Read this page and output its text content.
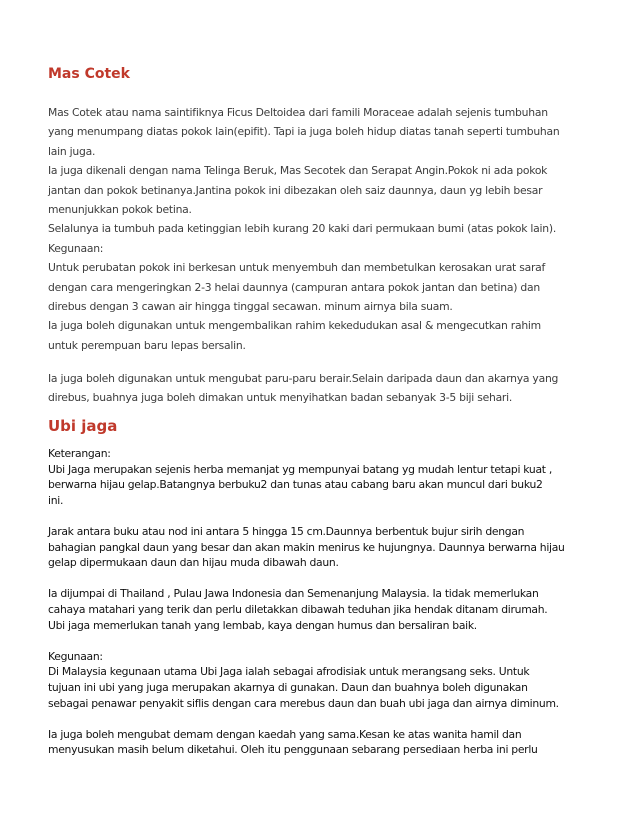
Mas Cotek
Mas Cotek atau nama saintifiknya Ficus Deltoidea dari famili Moraceae adalah sejenis tumbuhan
yang menumpang diatas pokok lain(epifit). Tapi ia juga boleh hidup diatas tanah seperti tumbuhan
lain juga.
Ia juga dikenali dengan nama Telinga Beruk, Mas Secotek dan Serapat Angin.Pokok ni ada pokok
jantan dan pokok betinanya.Jantina pokok ini dibezakan oleh saiz daunnya, daun yg lebih besar
menunjukkan pokok betina.
Selalunya ia tumbuh pada ketinggian lebih kurang 20 kaki dari permukaan bumi (atas pokok lain).
Kegunaan:
Untuk perubatan pokok ini berkesan untuk menyembuh dan membetulkan kerosakan urat saraf
dengan cara mengeringkan 2-3 helai daunnya (campuran antara pokok jantan dan betina) dan
direbus dengan 3 cawan air hingga tinggal secawan. minum airnya bila suam.
Ia juga boleh digunakan untuk mengembalikan rahim kekedudukan asal & mengecutkan rahim
untuk perempuan baru lepas bersalin.
Ia juga boleh digunakan untuk mengubat paru-paru berair.Selain daripada daun dan akarnya yang
direbus, buahnya juga boleh dimakan untuk menyihatkan badan sebanyak 3-5 biji sehari.
Ubi jaga
Keterangan:
Ubi Jaga merupakan sejenis herba memanjat yg mempunyai batang yg mudah lentur tetapi kuat ,
berwarna hijau gelap.Batangnya berbuku2 dan tunas atau cabang baru akan muncul dari buku2
ini.
Jarak antara buku atau nod ini antara 5 hingga 15 cm.Daunnya berbentuk bujur sirih dengan
bahagian pangkal daun yang besar dan akan makin menirus ke hujungnya. Daunnya berwarna hijau
gelap dipermukaan daun dan hijau muda dibawah daun.
Ia dijumpai di Thailand , Pulau Jawa Indonesia dan Semenanjung Malaysia. Ia tidak memerlukan
cahaya matahari yang terik dan perlu diletakkan dibawah teduhan jika hendak ditanam dirumah.
Ubi jaga memerlukan tanah yang lembab, kaya dengan humus dan bersaliran baik.
Kegunaan:
Di Malaysia kegunaan utama Ubi Jaga ialah sebagai afrodisiak untuk merangsang seks. Untuk
tujuan ini ubi yang juga merupakan akarnya di gunakan. Daun dan buahnya boleh digunakan
sebagai penawar penyakit siflis dengan cara merebus daun dan buah ubi jaga dan airnya diminum.
Ia juga boleh mengubat demam dengan kaedah yang sama.Kesan ke atas wanita hamil dan
menyusukan masih belum diketahui. Oleh itu penggunaan sebarang persediaan herba ini perlu
